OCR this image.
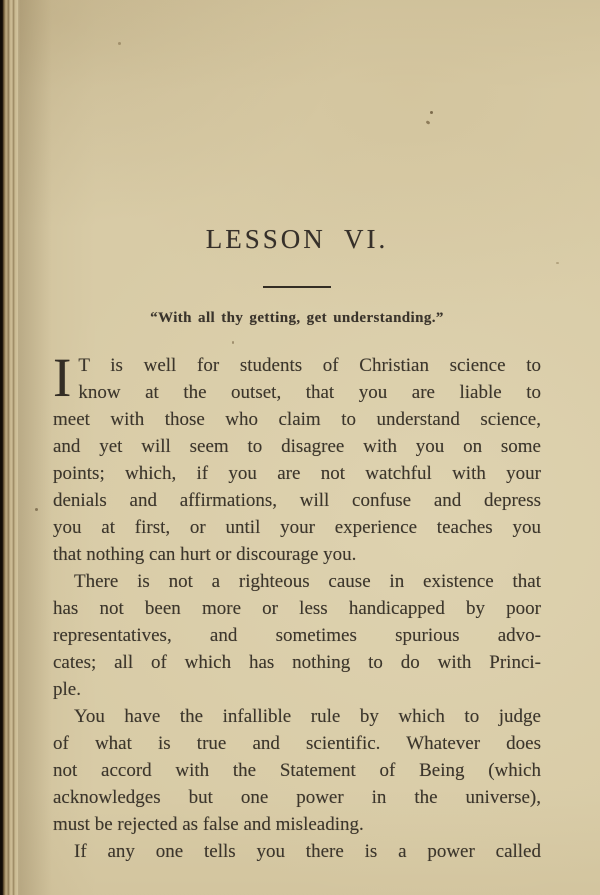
LESSON VI.
“With all thy getting, get understanding.”
I T is well for students of Christian science to
know at the outset, that you are liable to
meet with those who claim to understand science,
and yet will seem to disagree with you on some
points; which, if you are not watchful with your
denials and affirmations, will confuse and depress
you at first, or until your experience teaches you
that nothing can hurt or discourage you.
There is not a righteous cause in existence that
has not been more or less handicapped by poor
representatives, and sometimes spurious advo-
cates; all of which has nothing to do with Princi-
ple.
You have the infallible rule by which to judge
of what is true and scientific. Whatever does
not accord with the Statement of Being (which
acknowledges but one power in the universe),
must be rejected as false and misleading.
If any one tells you there is a power called
